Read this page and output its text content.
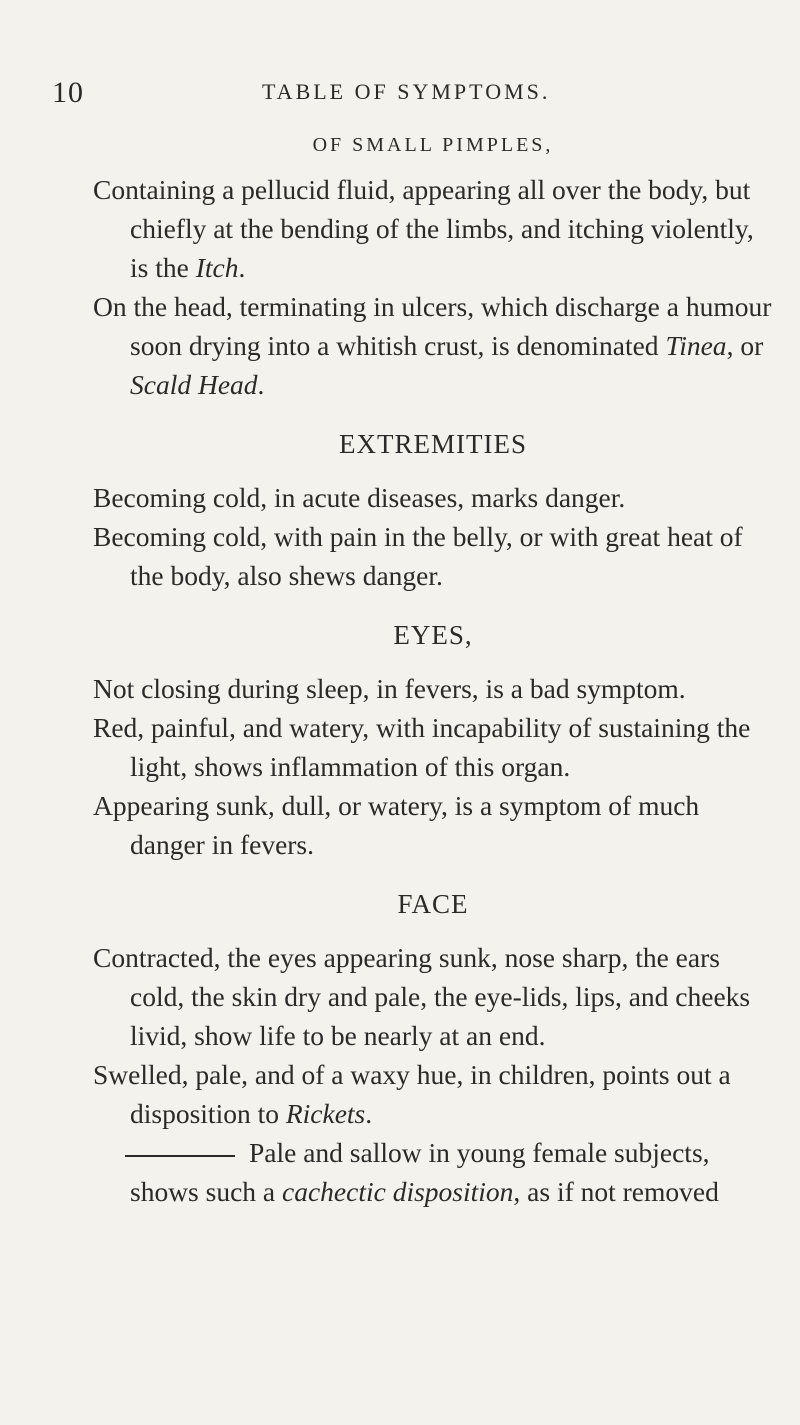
10	TABLE OF SYMPTOMS.
OF SMALL PIMPLES,

Containing a pellucid fluid, appearing all over the body, but chiefly at the bending of the limbs, and itching violently, is the Itch.

On the head, terminating in ulcers, which discharge a humour soon drying into a whitish crust, is denominated Tinea, or Scald Head.

EXTREMITIES

Becoming cold, in acute diseases, marks danger.

Becoming cold, with pain in the belly, or with great heat of the body, also shews danger.

EYES,

Not closing during sleep, in fevers, is a bad symptom.

Red, painful, and watery, with incapability of sustaining the light, shows inflammation of this organ.

Appearing sunk, dull, or watery, is a symptom of much danger in fevers.

FACE

Contracted, the eyes appearing sunk, nose sharp, the ears cold, the skin dry and pale, the eye-lids, lips, and cheeks livid, show life to be nearly at an end.

Swelled, pale, and of a waxy hue, in children, points out a disposition to Rickets.

Pale and sallow in young female subjects, shows such a cachectic disposition, as if not removed
